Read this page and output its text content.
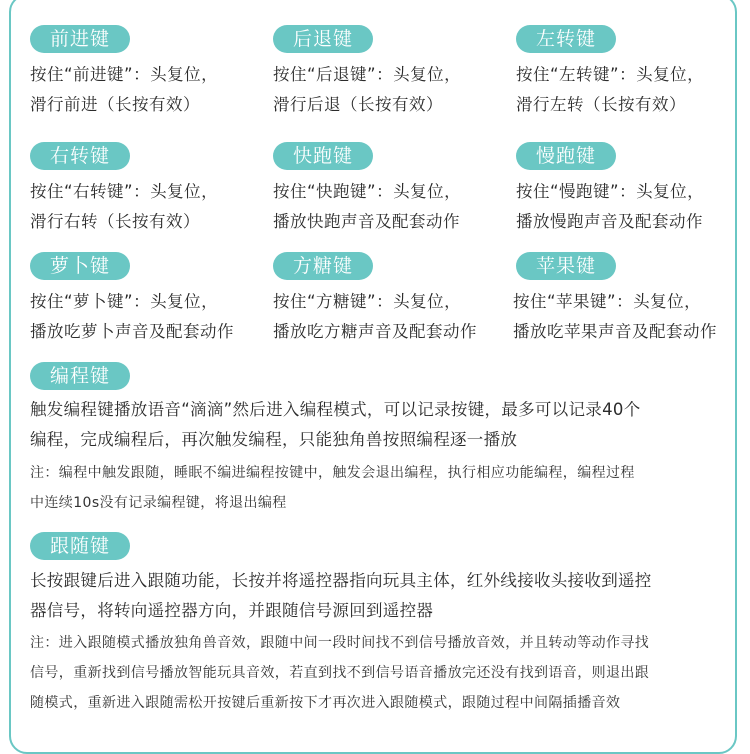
前进键
按住“前进键”：头复位，
滑行前进（长按有效）
后退键
按住“后退键”：头复位，
滑行后退（长按有效）
左转键
按住“左转键”：头复位，
滑行左转（长按有效）
右转键
按住“右转键”：头复位，
滑行右转（长按有效）
快跑键
按住“快跑键”：头复位，
播放快跑声音及配套动作
慢跑键
按住“慢跑键”：头复位，
播放慢跑声音及配套动作
萝卜键
按住“萝卜键”：头复位，
播放吃萝卜声音及配套动作
方糖键
按住“方糖键”：头复位，
播放吃方糖声音及配套动作
苹果键
按住“苹果键”：头复位，
播放吃苹果声音及配套动作
编程键
触发编程键播放语音“滴滴”然后进入编程模式，可以记录按键，最多可以记录40个
编程，完成编程后，再次触发编程，只能独角兽按照编程逐一播放
注：编程中触发跟随，睡眠不编进编程按键中，触发会退出编程，执行相应功能编程，编程过程
中连续10s没有记录编程键，将退出编程
跟随键
长按跟键后进入跟随功能，长按并将遥控器指向玩具主体，红外线接收头接收到遥控
器信号，将转向遥控器方向，并跟随信号源回到遥控器
注：进入跟随模式播放独角兽音效，跟随中间一段时间找不到信号播放音效，并且转动等动作寻找
信号，重新找到信号播放智能玩具音效，若直到找不到信号语音播放完还没有找到语音，则退出跟
随模式，重新进入跟随需松开按键后重新按下才再次进入跟随模式，跟随过程中间隔插播音效
